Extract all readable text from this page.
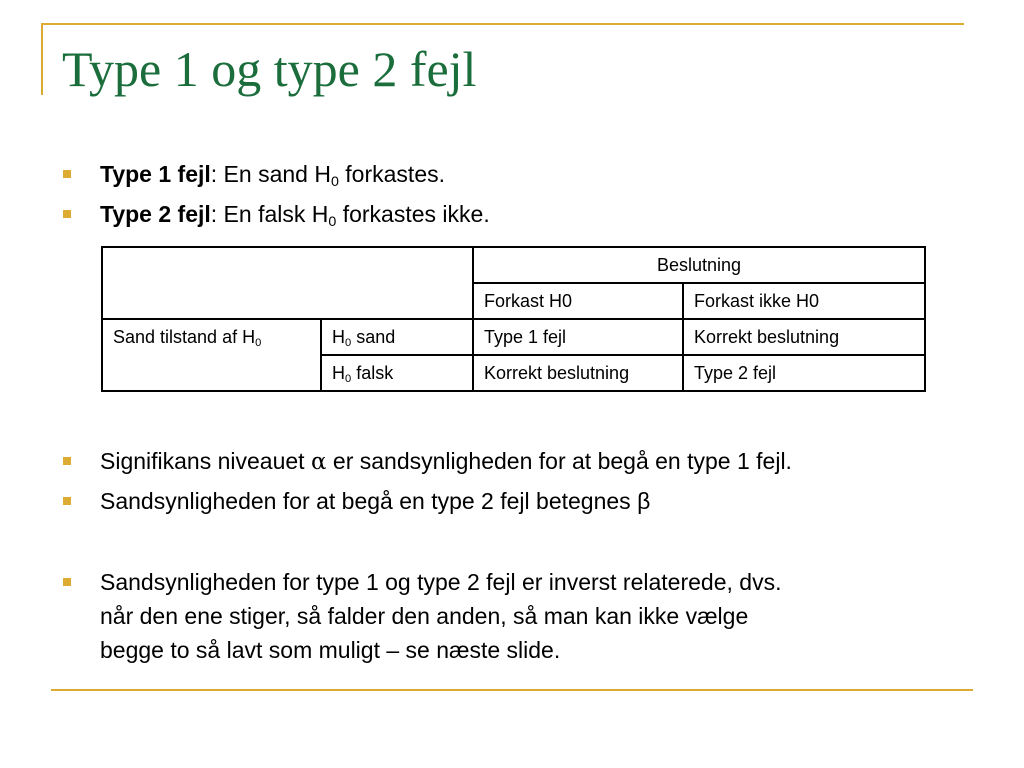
Type 1 og type 2 fejl
Type 1 fejl: En sand $H_0$ forkastes.
Type 2 fejl: En falsk $H_0$ forkastes ikke.
		Beslutning	
		Forkast H0	Forkast ikke H0
Sand tilstand af $H_0$	$H_0$ sand	Type 1 fejl	Korrekt beslutning
	$H_0$ falsk	Korrekt beslutning	Type 2 fejl
Signifikans niveauet α er sandsynligheden for at begå en type 1 fejl.
Sandsynligheden for at begå en type 2 fejl betegnes β
Sandsynligheden for type 1 og type 2 fejl er inverst relaterede, dvs.
når den ene stiger, så falder den anden, så man kan ikke vælge
begge to så lavt som muligt – se næste slide.
